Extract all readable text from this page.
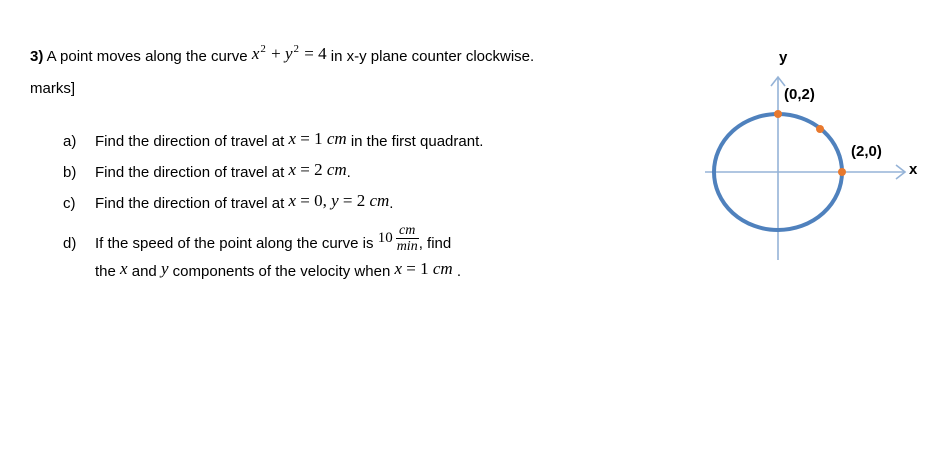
3) A point moves along the curve $x^2 + y^2 = 4$ in x-y plane counter clockwise.
marks]
a)	Find the direction of travel at x = 1 cm in the first quadrant.
b)	Find the direction of travel at x = 2 cm.
c)	Find the direction of travel at x = 0, y = 2 cm.
d)	If the speed of the point along the curve is $10 \frac{cm}{\min}$ , find
the x and y components of the velocity when x = 1 cm .
y
x
(0,2)
(2,0)
